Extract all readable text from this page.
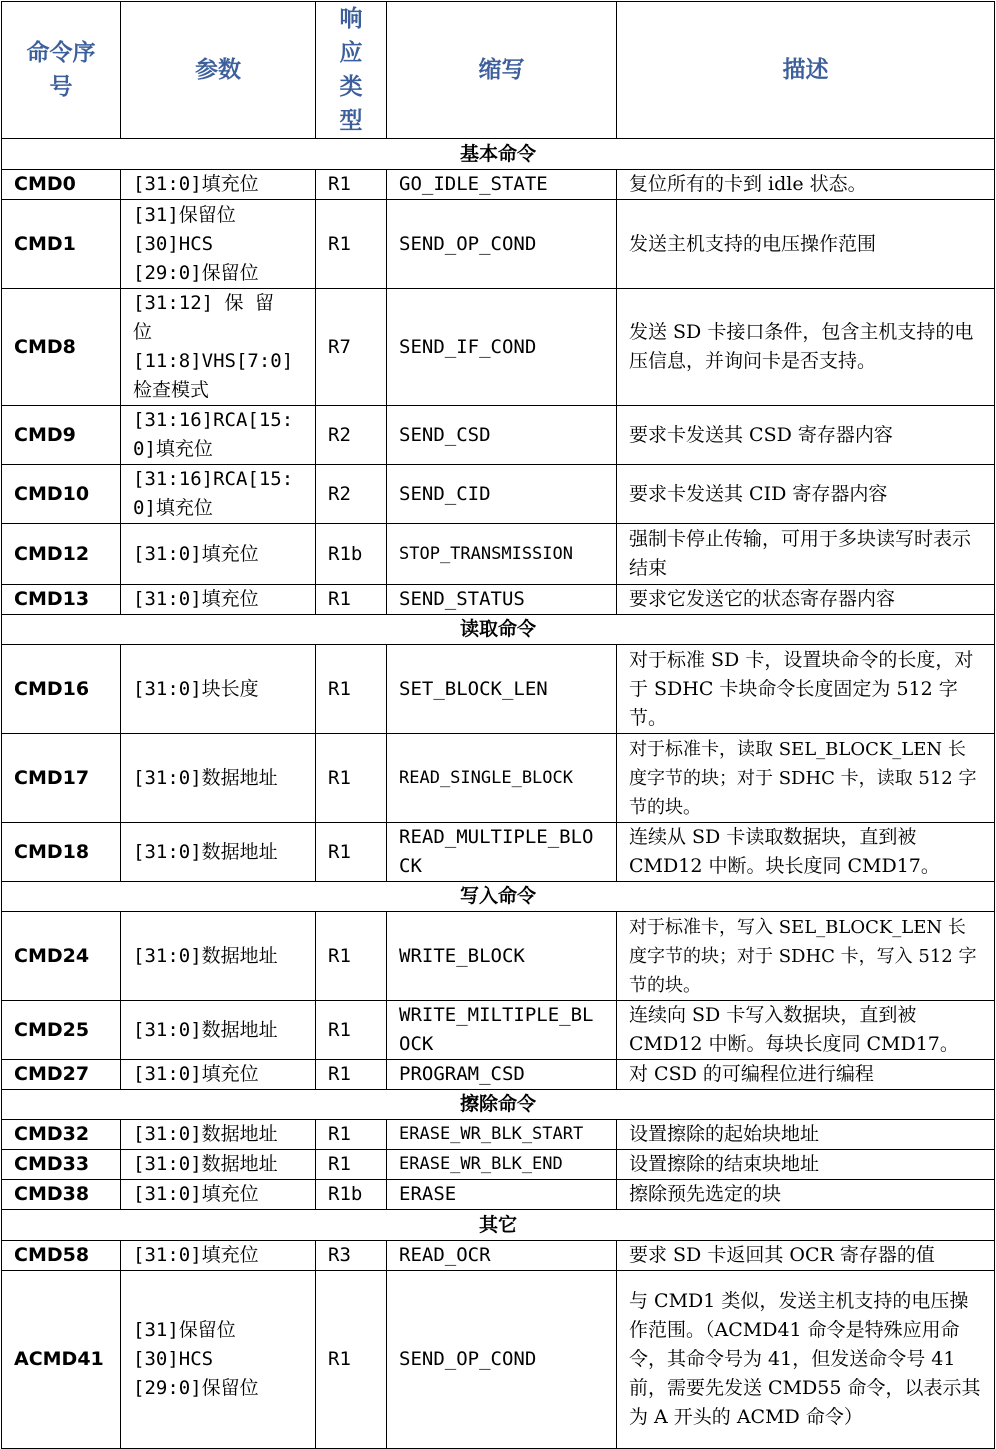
命令序号	参数	响应类型	缩写	描述
基本命令				
CMD0	[31:0]填充位	R1	GO_IDLE_STATE	复位所有的卡到 idle 状态。
CMD1	[31]保留位
[30]HCS
[29:0]保留位	R1	SEND_OP_COND	发送主机支持的电压操作范围
CMD8	[31:12] 保 留 位 [11:8]VHS[7:0] 检查模式	R7	SEND_IF_COND	发送 SD 卡接口条件，包含主机支持的电压信息，并询问卡是否支持。
CMD9	[31:16]RCA[15:0]填充位	R2	SEND_CSD	要求卡发送其 CSD 寄存器内容
CMD10	[31:16]RCA[15:0]填充位	R2	SEND_CID	要求卡发送其 CID 寄存器内容
CMD12	[31:0]填充位	R1b	STOP_TRANSMISSION	强制卡停止传输，可用于多块读写时表示结束
CMD13	[31:0]填充位	R1	SEND_STATUS	要求它发送它的状态寄存器内容
读取命令				
CMD16	[31:0]块长度	R1	SET_BLOCK_LEN	对于标准 SD 卡，设置块命令的长度，对于 SDHC 卡块命令长度固定为 512 字节。
CMD17	[31:0]数据地址	R1	READ_SINGLE_BLOCK	对于标准卡，读取 SEL_BLOCK_LEN 长度字节的块；对于 SDHC 卡，读取 512 字节的块。
CMD18	[31:0]数据地址	R1	READ_MULTIPLE_BLOCK	连续从 SD 卡读取数据块，直到被 CMD12 中断。块长度同 CMD17。
写入命令				
CMD24	[31:0]数据地址	R1	WRITE_BLOCK	对于标准卡，写入 SEL_BLOCK_LEN 长度字节的块；对于 SDHC 卡，写入 512 字节的块。
CMD25	[31:0]数据地址	R1	WRITE_MILTIPLE_BLOCK	连续向 SD 卡写入数据块，直到被 CMD12 中断。每块长度同 CMD17。
CMD27	[31:0]填充位	R1	PROGRAM_CSD	对 CSD 的可编程位进行编程
擦除命令				
CMD32	[31:0]数据地址	R1	ERASE_WR_BLK_START	设置擦除的起始块地址
CMD33	[31:0]数据地址	R1	ERASE_WR_BLK_END	设置擦除的结束块地址
CMD38	[31:0]填充位	R1b	ERASE	擦除预先选定的块
其它				
CMD58	[31:0]填充位	R3	READ_OCR	要求 SD 卡返回其 OCR 寄存器的值
ACMD41	[31]保留位
[30]HCS
[29:0]保留位	R1	SEND_OP_COND	与 CMD1 类似，发送主机支持的电压操作范围。（ACMD41 命令是特殊应用命令，其命令号为 41，但发送命令号 41 前，需要先发送 CMD55 命令，以表示其为 A 开头的 ACMD 命令）
